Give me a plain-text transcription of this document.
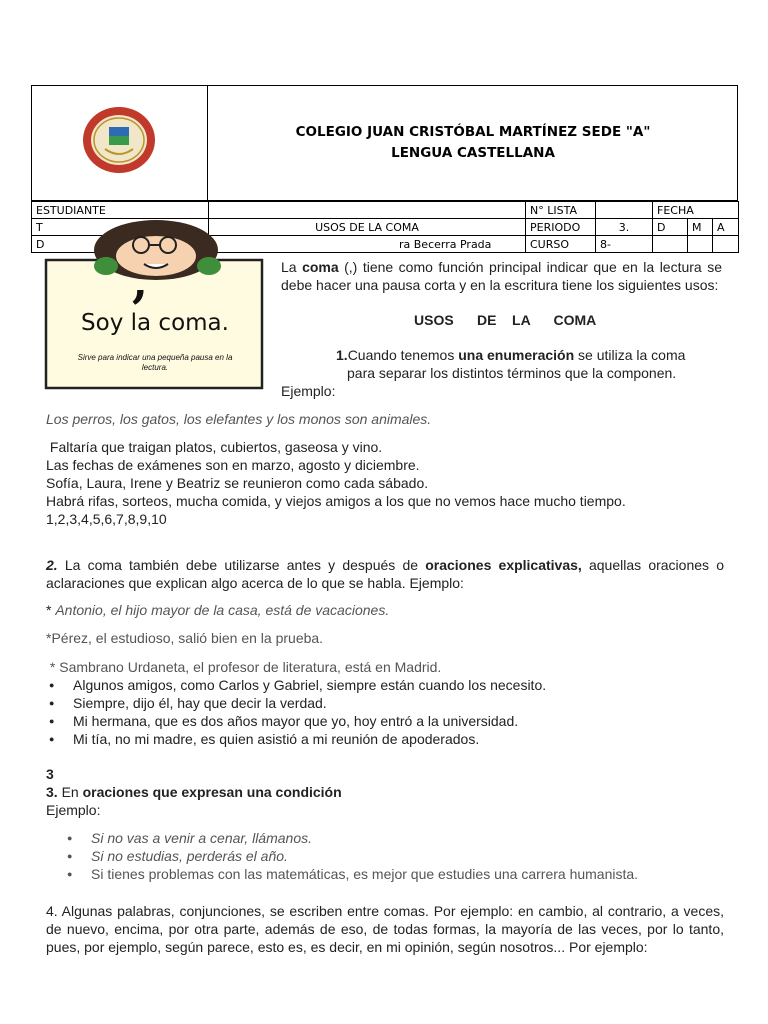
COLEGIO JUAN CRISTÓBAL MARTÍNEZ SEDE "A"
LENGUA CASTELLANA
ESTUDIANTE		N° LISTA		FECHA		
T	USOS DE LA COMA	PERIODO	3.	D	M	A
D	ra Becerra Prada	CURSO	8-			
,
Soy la coma.
Sirve para indicar una pequeña pausa en la lectura.
La coma (,) tiene como función principal indicar que en la lectura se debe hacer una pausa corta y en la escritura tiene los siguientes usos:
USOS      DE    LA      COMA
1.Cuando tenemos una enumeración se utiliza la coma
para separar los distintos términos que la componen.
Ejemplo:
Los perros, los gatos, los elefantes y los monos son animales.
Faltaría que traigan platos, cubiertos, gaseosa y vino.
Las fechas de exámenes son en marzo, agosto y diciembre.
Sofía, Laura, Irene y Beatriz se reunieron como cada sábado.
Habrá rifas, sorteos, mucha comida, y viejos amigos a los que no vemos hace mucho tiempo.
1,2,3,4,5,6,7,8,9,10
2. La coma también debe utilizarse antes y después de oraciones explicativas, aquellas oraciones o aclaraciones que explican algo acerca de lo que se habla. Ejemplo:
* Antonio, el hijo mayor de la casa, está de vacaciones.
*Pérez, el estudioso, salió bien en la prueba.
* Sambrano Urdaneta, el profesor de literatura, está en Madrid.
● Algunos amigos, como Carlos y Gabriel, siempre están cuando los necesito.
● Siempre, dijo él, hay que decir la verdad.
● Mi hermana, que es dos años mayor que yo, hoy entró a la universidad.
● Mi tía, no mi madre, es quien asistió a mi reunión de apoderados.
3
3. En oraciones que expresan una condición
Ejemplo:
● Si no vas a venir a cenar, llámanos.
● Si no estudias, perderás el año.
● Si tienes problemas con las matemáticas, es mejor que estudies una carrera humanista.
4. Algunas palabras, conjunciones, se escriben entre comas. Por ejemplo: en cambio, al contrario, a veces, de nuevo, encima, por otra parte, además de eso, de todas formas, la mayoría de las veces, por lo tanto, pues, por ejemplo, según parece, esto es, es decir, en mi opinión, según nosotros... Por ejemplo:
